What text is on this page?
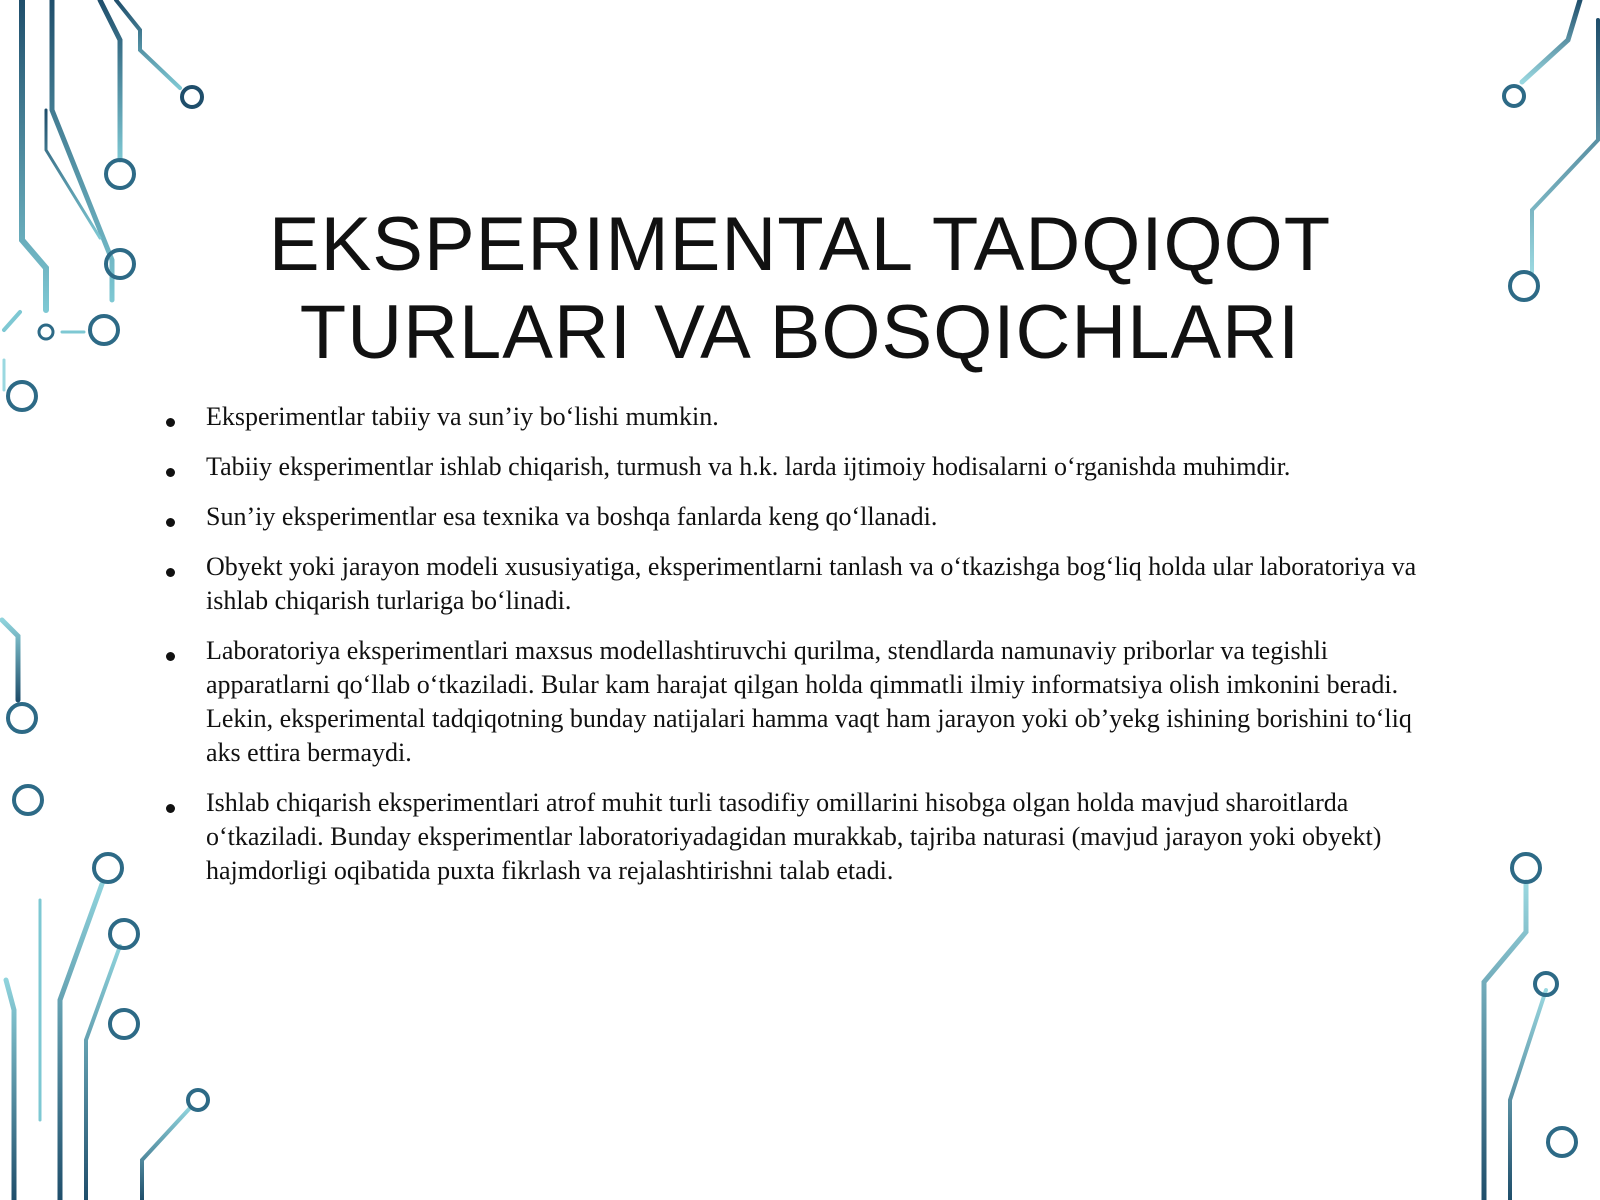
EKSPERIMENTAL TADQIQOT
TURLARI VA BOSQICHLARI
Eksperimentlar tabiiy va sun’iy bo‘lishi mumkin.
Tabiiy eksperimentlar ishlab chiqarish, turmush va h.k. larda ijtimoiy hodisalarni o‘rganishda muhimdir.
Sun’iy eksperimentlar esa texnika va boshqa fanlarda keng qo‘llanadi.
Obyekt yoki jarayon modeli xususiyatiga, eksperimentlarni tanlash va o‘tkazishga bog‘liq holda ular laboratoriya va ishlab chiqarish turlariga bo‘linadi.
Laboratoriya eksperimentlari maxsus modellashtiruvchi qurilma, stendlarda namunaviy priborlar va tegishli apparatlarni qo‘llab o‘tkaziladi. Bular kam harajat qilgan holda qimmatli ilmiy informatsiya olish imkonini beradi. Lekin, eksperimental tadqiqotning bunday natijalari hamma vaqt ham jarayon yoki ob’yekg ishining borishini to‘liq aks ettira bermaydi.
Ishlab chiqarish eksperimentlari atrof muhit turli tasodifiy omillarini hisobga olgan holda mavjud sharoitlarda o‘tkaziladi. Bunday eksperimentlar laboratoriyadagidan murakkab, tajriba naturasi (mavjud jarayon yoki obyekt) hajmdorligi oqibatida puxta fikrlash va rejalashtirishni talab etadi.
